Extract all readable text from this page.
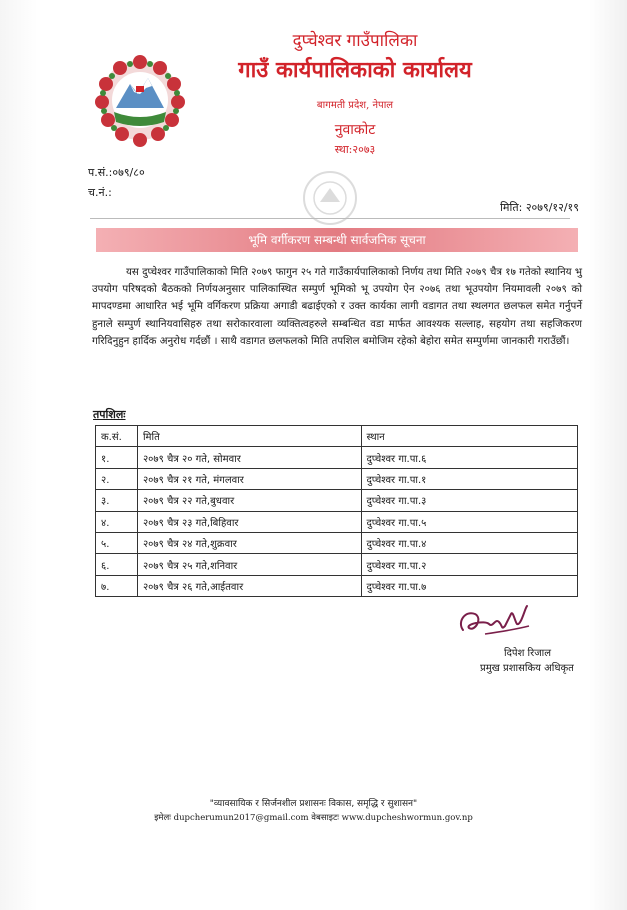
दुप्चेश्वर गाउँपालिका
गाउँ कार्यपालिकाको कार्यालय
बागमती प्रदेश, नेपाल
नुवाकोट
स्था:२०७३
प.सं.:०७९/८०
च.नं.:
मिति: २०७९/१२/१९
भूमि वर्गीकरण सम्बन्धी सार्वजनिक सूचना
यस दुप्चेश्वर गाउँपालिकाको मिति २०७९ फागुन २५ गते गाउँकार्यपालिकाको निर्णय तथा मिति २०७९ चैत्र १७ गतेको स्थानिय भु उपयोग परिषदको बैठकको निर्णयअनुसार पालिकास्थित सम्पुर्ण भूमिको भू उपयोग ऐन २०७६ तथा भूउपयोग नियमावली २०७९ को मापदण्डमा आधारित भई भूमि वर्गिकरण प्रक्रिया अगाडी बढाईएको र उक्त कार्यका लागी वडागत तथा स्थलगत छलफल समेत गर्नुपर्ने हुनाले सम्पुर्ण स्थानियवासिहरु तथा सरोकारवाला व्यक्तित्वहरुले सम्बन्धित वडा मार्फत आवश्यक सल्लाह, सहयोग तथा सहजिकरण गरिदिनुहुन हार्दिक अनुरोध गर्दछौं । साथै वडागत छलफलको मिति तपशिल बमोजिम रहेको बेहोरा समेत सम्पुर्णमा जानकारी गराउँछौं।
तपशिलः
क.सं.	मिति	स्थान
१.	२०७९ चैत्र २० गते, सोमवार	दुप्चेश्वर गा.पा.६
२.	२०७९ चैत्र २१ गते, मंगलवार	दुप्चेश्वर गा.पा.१
३.	२०७९ चैत्र २२ गते,बुधवार	दुप्चेश्वर गा.पा.३
४.	२०७९ चैत्र २३ गते,बिहिवार	दुप्चेश्वर गा.पा.५
५.	२०७९ चैत्र २४ गते,शुक्रवार	दुप्चेश्वर गा.पा.४
६.	२०७९ चैत्र २५ गते,शनिवार	दुप्चेश्वर गा.पा.२
७.	२०७९ चैत्र २६ गते,आईतवार	दुप्चेश्वर गा.पा.७
दिपेश रिजाल
प्रमुख प्रशासकिय अधिकृत
"व्यावसायिक र सिर्जनशील प्रशासनः विकास, समृद्धि र सुशासन"
इमेलः dupcherumun2017@gmail.com वेबसाइटः www.dupcheshwormun.gov.np
